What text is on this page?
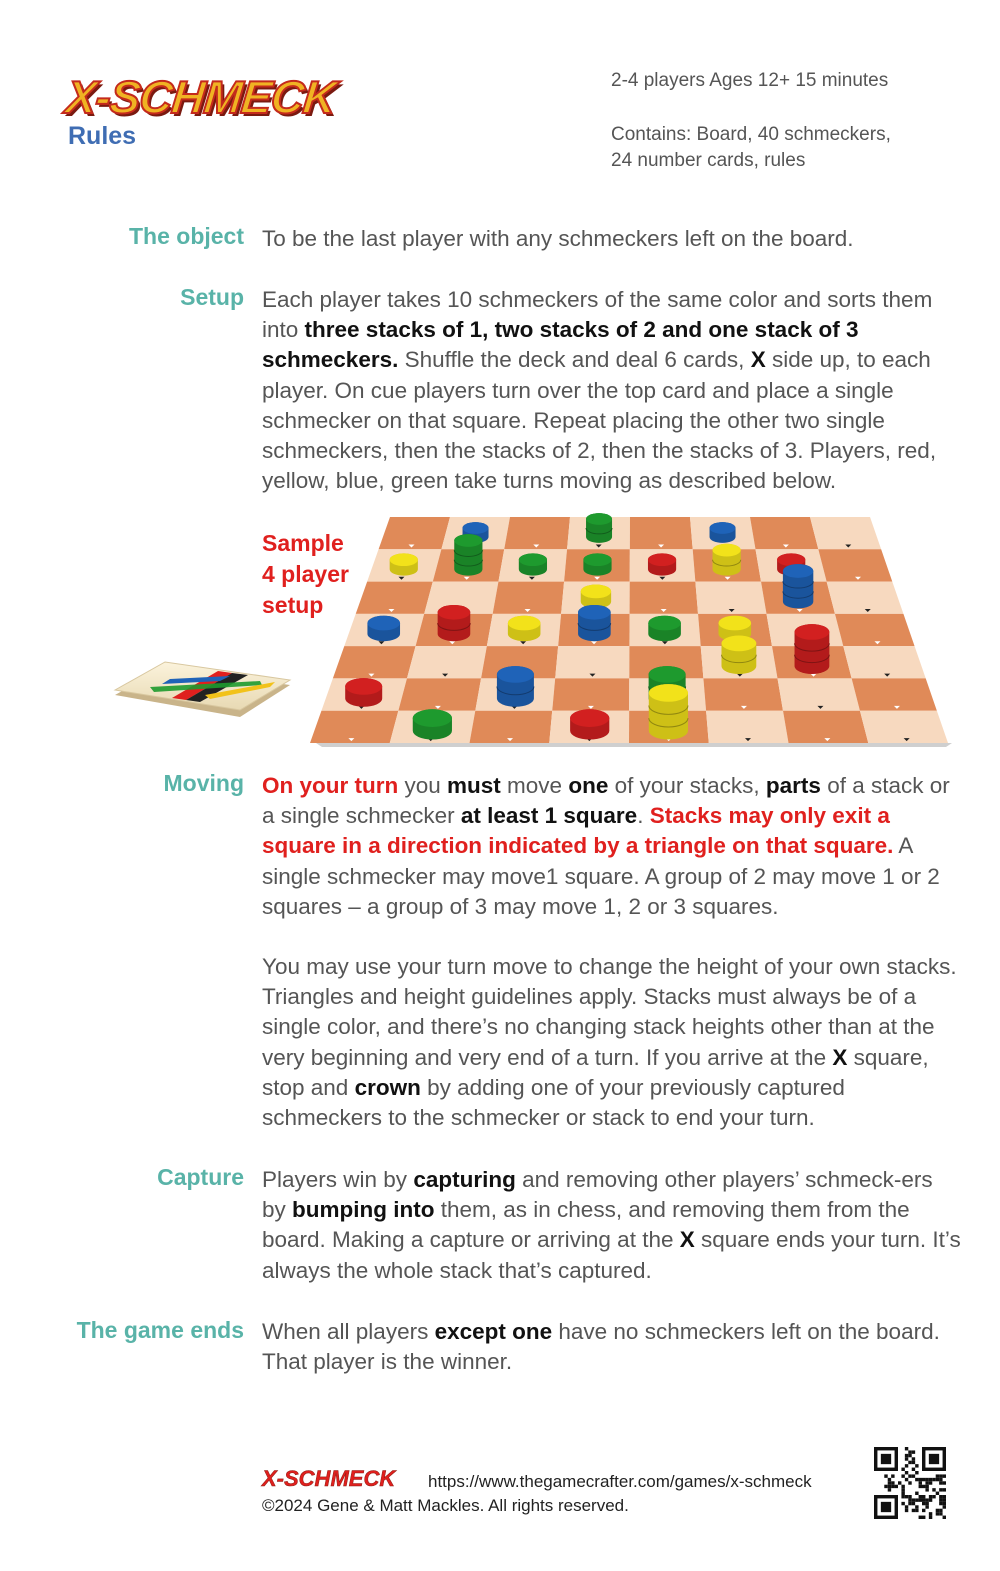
X-SCHMECK
Rules
2-4 players Ages 12+ 15 minutes
Contains: Board, 40 schmeckers,
24 number cards, rules
The object To be the last player with any schmeckers left on the board.
Setup Each player takes 10 schmeckers of the same color and sorts them into three stacks of 1, two stacks of 2 and one stack of 3 schmeckers. Shuffle the deck and deal 6 cards, X side up, to each player. On cue players turn over the top card and place a single schmecker on that square. Repeat placing the other two single schmeckers, then the stacks of 2, then the stacks of 3. Players, red, yellow, blue, green take turns moving as described below.
Sample
4 player
setup
Moving On your turn you must move one of your stacks, parts of a stack or a single schmecker at least 1 square. Stacks may only exit a square in a direction indicated by a triangle on that square. A single schmecker may move1 square. A group of 2 may move 1 or 2 squares – a group of 3 may move 1, 2 or 3 squares.
You may use your turn move to change the height of your own stacks. Triangles and height guidelines apply. Stacks must always be of a single color, and there’s no changing stack heights other than at the very beginning and very end of a turn. If you arrive at the X square, stop and crown by adding one of your previously captured schmeckers to the schmecker or stack to end your turn.
Capture Players win by capturing and removing other players’ schmeck-ers by bumping into them, as in chess, and removing them from the board. Making a capture or arriving at the X square ends your turn. It’s always the whole stack that’s captured.
The game ends When all players except one have no schmeckers left on the board. That player is the winner.
X-SCHMECK https://www.thegamecrafter.com/games/x-schmeck
©2024 Gene & Matt Mackles. All rights reserved.
